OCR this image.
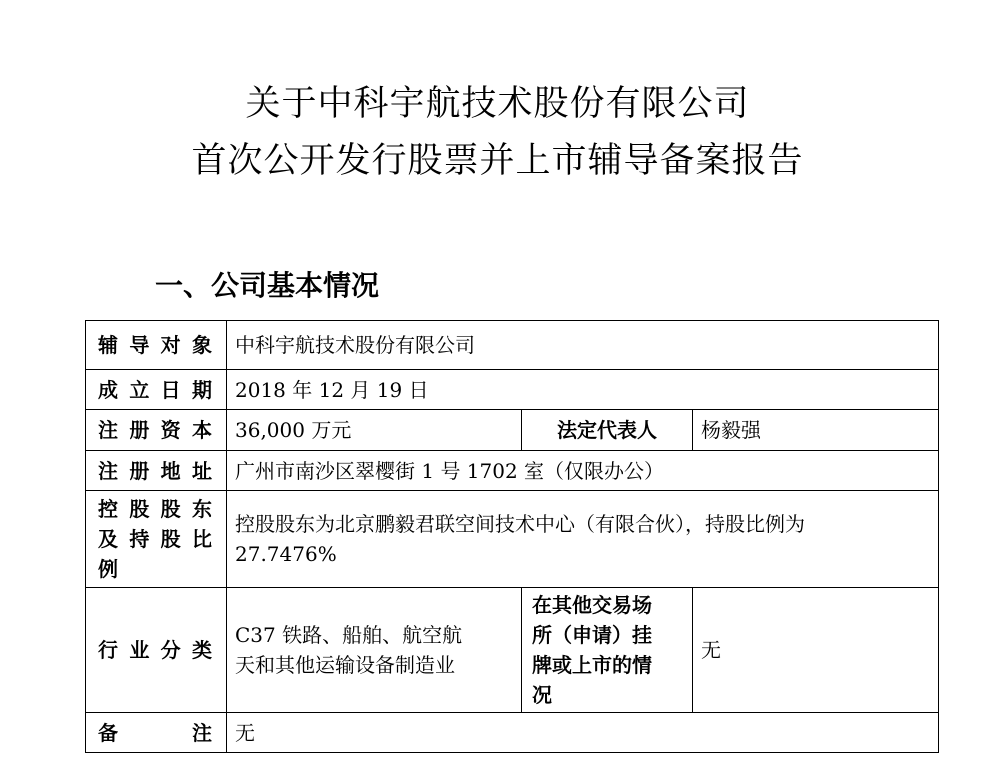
关于中科宇航技术股份有限公司
首次公开发行股票并上市辅导备案报告
一、公司基本情况
辅导对象	中科宇航技术股份有限公司		
成立日期	2018 年 12 月 19 日		
注册资本	36,000 万元	法定代表人	杨毅强
注册地址	广州市南沙区翠樱街 1 号 1702 室（仅限办公）		

控股股东
及持股比
例	控股股东为北京鹏毅君联空间技术中心（有限合伙），持股比例为
27.7476%		

行业分类	C37 铁路、船舶、航空航
天和其他运输设备制造业	在其他交易场
所（申请）挂
牌或上市的情
况	无
备注	无		
